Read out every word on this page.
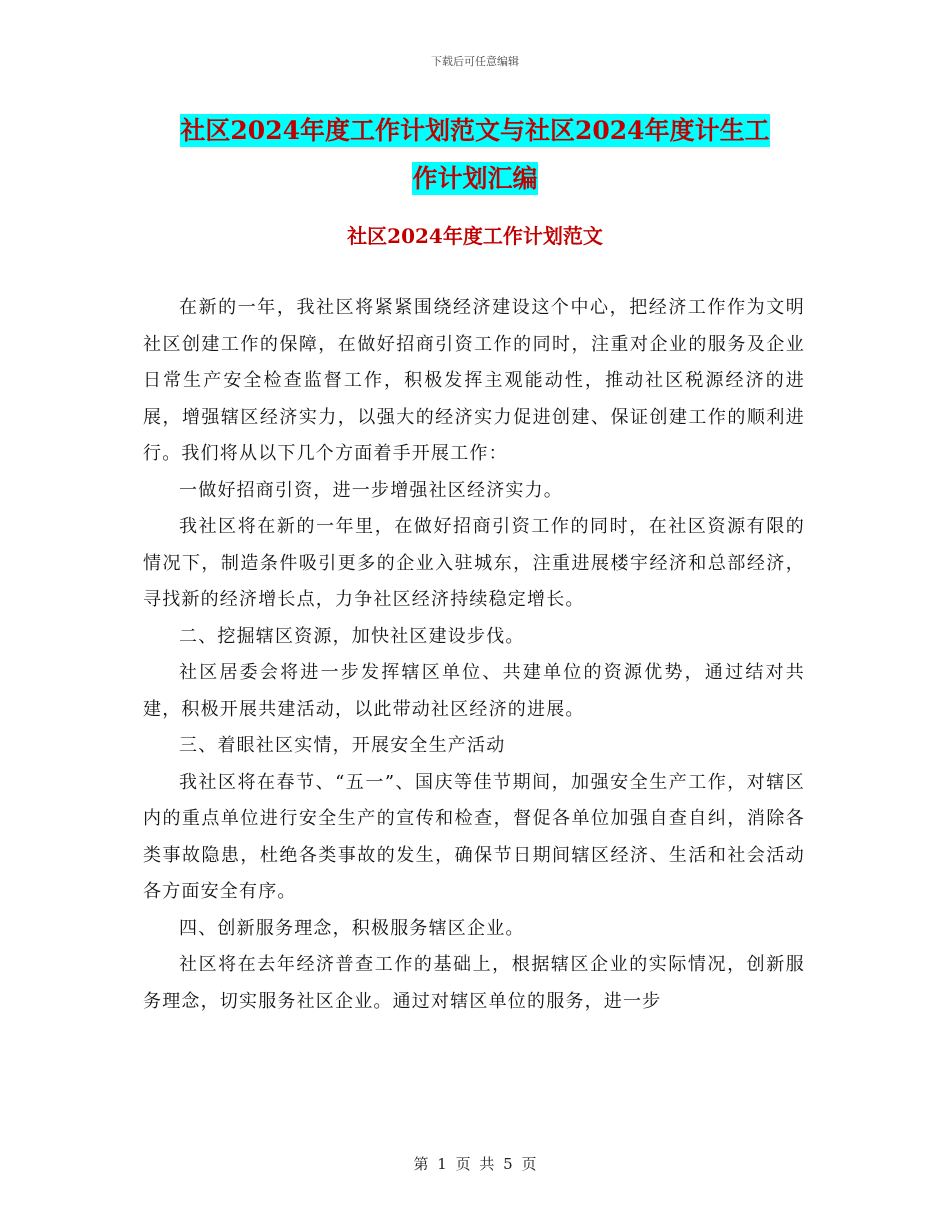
下载后可任意编辑
社区2024年度工作计划范文与社区2024年度计生工
作计划汇编
社区2024年度工作计划范文
在新的一年，我社区将紧紧围绕经济建设这个中心，把经济工作作为文明社区创建工作的保障，在做好招商引资工作的同时，注重对企业的服务及企业日常生产安全检查监督工作，积极发挥主观能动性，推动社区税源经济的进展，增强辖区经济实力，以强大的经济实力促进创建、保证创建工作的顺利进行。我们将从以下几个方面着手开展工作：
一做好招商引资，进一步增强社区经济实力。
我社区将在新的一年里，在做好招商引资工作的同时，在社区资源有限的情况下，制造条件吸引更多的企业入驻城东，注重进展楼宇经济和总部经济，寻找新的经济增长点，力争社区经济持续稳定增长。
二、挖掘辖区资源，加快社区建设步伐。
社区居委会将进一步发挥辖区单位、共建单位的资源优势，通过结对共建，积极开展共建活动，以此带动社区经济的进展。
三、着眼社区实情，开展安全生产活动
我社区将在春节、“五一”、国庆等佳节期间，加强安全生产工作，对辖区内的重点单位进行安全生产的宣传和检查，督促各单位加强自查自纠，消除各类事故隐患，杜绝各类事故的发生，确保节日期间辖区经济、生活和社会活动各方面安全有序。
四、创新服务理念，积极服务辖区企业。
社区将在去年经济普查工作的基础上，根据辖区企业的实际情况，创新服务理念，切实服务社区企业。通过对辖区单位的服务，进一步
第 1 页 共 5 页
